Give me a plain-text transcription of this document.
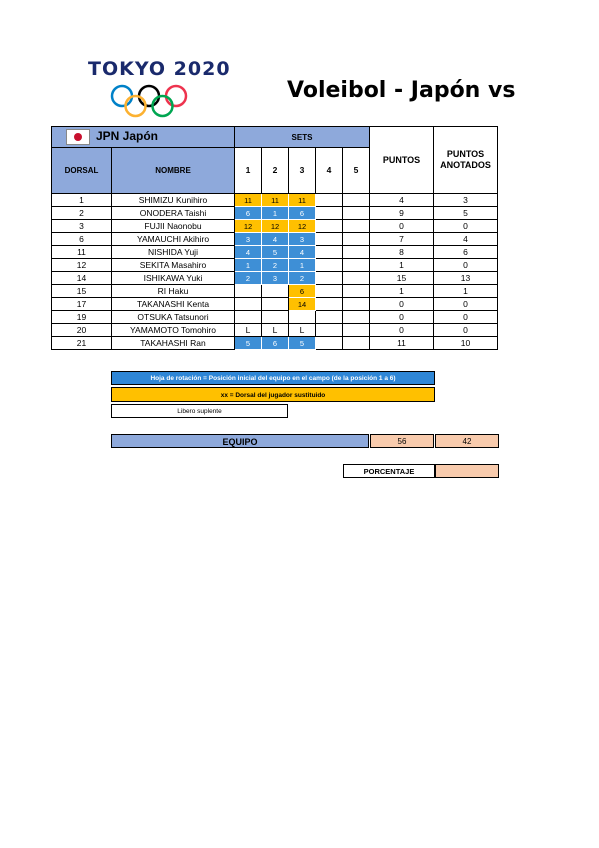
TOKYO 2020
Voleibol - Japón vs
JPN Japón		SETS					PUNTOS	PUNTOS ANOTADOS
DORSAL	NOMBRE	1	2	3	4	5		
1	SHIMIZU Kunihiro	11	11	11			4	3
2	ONODERA Taishi	6	1	6			9	5
3	FUJII Naonobu	12	12	12			0	0
6	YAMAUCHI Akihiro	3	4	3			7	4
11	NISHIDA Yuji	4	5	4			8	6
12	SEKITA Masahiro	1	2	1			1	0
14	ISHIKAWA Yuki	2	3	2			15	13
15	RI Haku			6			1	1
17	TAKANASHI Kenta			14			0	0
19	OTSUKA Tatsunori						0	0
20	YAMAMOTO Tomohiro	L	L	L			0	0
21	TAKAHASHI Ran	5	6	5			11	10
Hoja de rotación = Posición inicial del equipo en el campo (de la posición 1 a 6)
xx = Dorsal del jugador sustituido
Libero suplente
EQUIPO	56	42
PORCENTAJE
